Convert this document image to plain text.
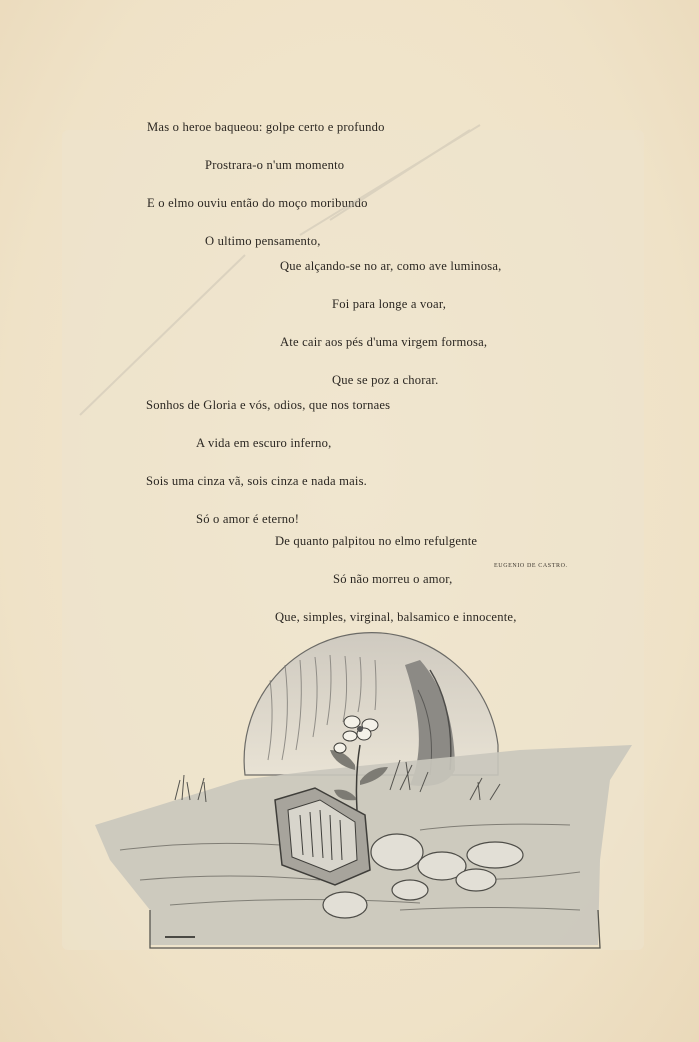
Mas o heroe baqueou: golpe certo e profundo

Prostrara-o n'um momento

E o elmo ouviu então do moço moribundo

O ultimo pensamento,

Que alçando-se no ar, como ave luminosa,

Foi para longe a voar,

Ate cair aos pés d'uma virgem formosa,

Que se poz a chorar.

Sonhos de Gloria e vós, odios, que nos tornaes

A vida em escuro inferno,

Sois uma cinza vã, sois cinza e nada mais.

Só o amor é eterno!

De quanto palpitou no elmo refulgente

Só não morreu o amor,

Que, simples, virginal, balsamico e innocente,

EUGENIO DE CASTRO.
